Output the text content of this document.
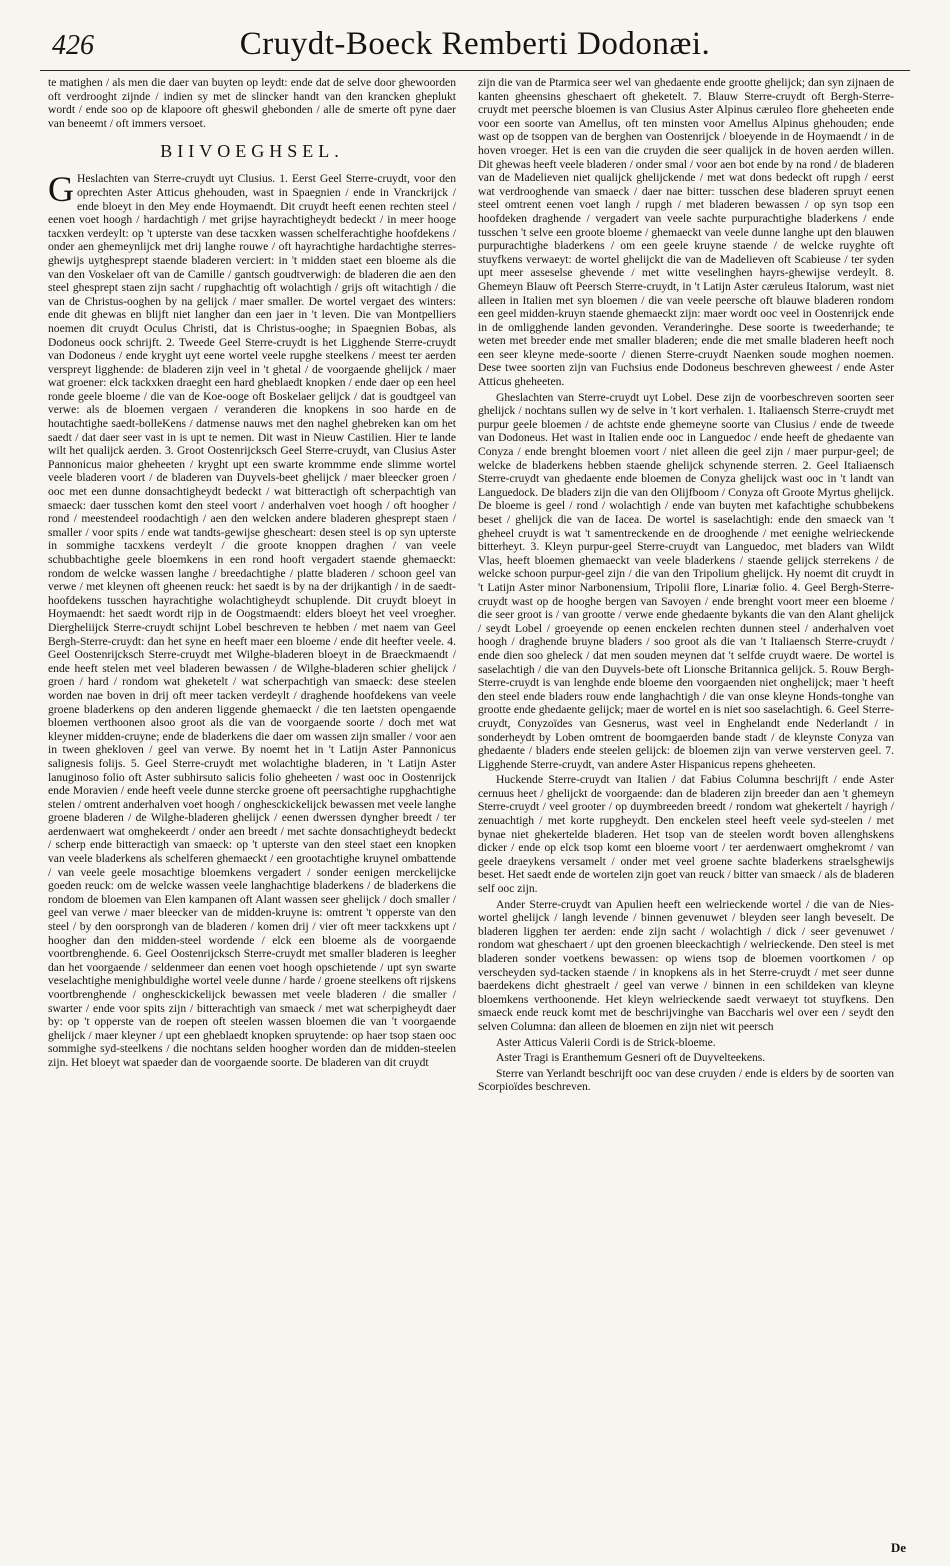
426	Cruydt-Boeck Remberti Dodonæi.

te matighen / als men die daer van buyten op leydt: ende dat de selve door ghewoorden oft verdrooght zijnde / indien sy met de slincker handt van den krancken gheplukt wordt / ende soo op de klapoore oft gheswil ghebonden / alle de smerte oft pyne daer van beneemt / oft immers versoet.

BIIVOEGHSEL.

G Heslachten van Sterre-cruydt uyt Clusius. 1. Eerst Geel Sterre-cruydt, voor den oprechten Aster Atticus ghehouden, wast in Spaegnien / ende in Vranckrijck / ende bloeyt in den Mey ende Hoymaendt. Dit cruydt heeft eenen rechten steel / eenen voet hoogh / hardachtigh / met grijse hayrachtigheydt bedeckt / in meer hooge tacxken verdeylt: op 't upterste van dese tacxken wassen schelferachtighe hoofdekens / onder aen ghemeynlijck met drij langhe rouwe / oft hayrachtighe hardachtighe sterres-ghewijs uytghesprept staende bladeren verciert: in 't midden staet een bloeme als die van den Voskelaer oft van de Camille / gantsch goudtverwigh: de bladeren die aen den steel ghesprept staen zijn sacht / rupghachtig oft wolachtigh / grijs oft witachtigh / die van de Christus-ooghen by na gelijck / maer smaller. De wortel vergaet des winters: ende dit ghewas en blijft niet langher dan een jaer in 't leven. Die van Montpelliers noemen dit cruydt Oculus Christi, dat is Christus-ooghe; in Spaegnien Bobas, als Dodoneus oock schrijft. 2. Tweede Geel Sterre-cruydt is het Ligghende Sterre-cruydt van Dodoneus / ende kryght uyt eene wortel veele rupghe steelkens / meest ter aerden verspreyt ligghende: de bladeren zijn veel in 't ghetal / de voorgaende ghelijck / maer wat groener: elck tackxken draeght een hard gheblaedt knopken / ende daer op een heel ronde geele bloeme / die van de Koe-ooge oft Boskelaer gelijck / dat is goudtgeel van verwe: als de bloemen vergaen / veranderen die knopkens in soo harde en de houtachtighe saedt-bolleKens / datmense nauws met den naghel ghebreken kan om het saedt / dat daer seer vast in is upt te nemen. Dit wast in Nieuw Castilien. Hier te lande wilt het qualijck aerden. 3. Groot Oostenrijcksch Geel Sterre-cruydt, van Clusius Aster Pannonicus maior gheheeten / kryght upt een swarte krommme ende slimme wortel veele bladeren voort / de bladeren van Duyvels-beet ghelijck / maer bleecker groen / ooc met een dunne donsachtigheydt bedeckt / wat bitteractigh oft scherpachtigh van smaeck: daer tusschen komt den steel voort / anderhalven voet hoogh / oft hoogher / rond / meestendeel roodachtigh / aen den welcken andere bladeren ghesprept staen / smaller / voor spits / ende wat tandts-gewijse ghescheart: desen steel is op syn upterste in sommighe tacxkens verdeylt / die groote knoppen draghen / van veele schubbachtighe geele bloemkens in een rond hooft vergadert staende ghemaeckt: rondom de welcke wassen langhe / breedachtighe / platte bladeren / schoon geel van verwe / met kleynen oft gheenen reuck: het saedt is by na der drijkantigh / in de saedt-hoofdekens tusschen hayrachtighe wolachtigheydt schuplende. Dit cruydt bloeyt in Hoymaendt: het saedt wordt rijp in de Oogstmaendt: elders bloeyt het veel vroegher. Diergheliijck Sterre-cruydt schijnt Lobel beschreven te hebben / met naem van Geel Bergh-Sterre-cruydt: dan het syne en heeft maer een bloeme / ende dit heefter veele. 4. Geel Oostenrijcksch Sterre-cruydt met Wilghe-bladeren bloeyt in de Braeckmaendt / ende heeft stelen met veel bladeren bewassen / de Wilghe-bladeren schier ghelijck / groen / hard / rondom wat gheketelt / wat scherpachtigh van smaeck: dese steelen worden nae boven in drij oft meer tacken verdeylt / draghende hoofdekens van veele groene bladerkens op den anderen liggende ghemaeckt / die ten laetsten opengaende bloemen verthoonen alsoo groot als die van de voorgaende soorte / doch met wat kleyner midden-cruyne; ende de bladerkens die daer om wassen zijn smaller / voor aen in tween ghekloven / geel van verwe. By noemt het in 't Latijn Aster Pannonicus salignesis folijs. 5. Geel Sterre-cruydt met wolachtighe bladeren, in 't Latijn Aster lanuginoso folio oft Aster subhirsuto salicis folio gheheeten / wast ooc in Oostenrijck ende Moravien / ende heeft veele dunne stercke groene oft peersachtighe rupghachtighe stelen / omtrent anderhalven voet hoogh / onghesckickelijck bewassen met veele langhe groene bladeren / de Wilghe-bladeren ghelijck / eenen dwerssen dyngher breedt / ter aerdenwaert wat omghekeerdt / onder aen breedt / met sachte donsachtigheydt bedeckt / scherp ende bitteractigh van smaeck: op 't upterste van den steel staet een knopken van veele bladerkens als schelferen ghemaeckt / een grootachtighe kruynel ombattende / van veele geele mosachtige bloemkens vergadert / sonder eenigen merckelijcke goeden reuck: om de welcke wassen veele langhachtige bladerkens / de bladerkens die rondom de bloemen van Elen kampanen oft Alant wassen seer ghelijck / doch smaller / geel van verwe / maer bleecker van de midden-kruyne is: omtrent 't opperste van den steel / by den oorsprongh van de bladeren / komen drij / vier oft meer tackxkens upt / hoogher dan den midden-steel wordende / elck een bloeme als de voorgaende voortbrenghende. 6. Geel Oostenrijcksch Sterre-cruydt met smaller bladeren is leegher dan het voorgaende / seldenmeer dan eenen voet hoogh opschietende / upt syn swarte veselachtighe menighbuldighe wortel veele dunne / harde / groene steelkens oft rijskens voortbrenghende / onghesckickelijck bewassen met veele bladeren / die smaller / swarter / ende voor spits zijn / bitterachtigh van smaeck / met wat scherpigheydt daer by: op 't opperste van de roepen oft steelen wassen bloemen die van 't voorgaende ghelijck / maer kleyner / upt een gheblaedt knopken spruytende: op haer tsop staen ooc sommighe syd-steelkens / die nochtans selden hoogher worden dan de midden-steelen zijn. Het bloeyt wat spaeder dan de voorgaende soorte. De bladeren van dit cruydt

zijn die van de Ptarmica seer wel van ghedaente ende grootte ghelijck; dan syn zijnaen de kanten gheensins gheschaert oft gheketelt. 7. Blauw Sterre-cruydt oft Bergh-Sterre-cruydt met peersche bloemen is van Clusius Aster Alpinus cæruleo flore gheheeten ende voor een soorte van Amellus, oft ten minsten voor Amellus Alpinus ghehouden; ende wast op de tsoppen van de berghen van Oostenrijck / bloeyende in de Hoymaendt / in de hoven vroeger. Het is een van die cruyden die seer qualijck in de hoven aerden willen. Dit ghewas heeft veele bladeren / onder smal / voor aen bot ende by na rond / de bladeren van de Madelieven niet qualijck ghelijckende / met wat dons bedeckt oft rupgh / eerst wat verdrooghende van smaeck / daer nae bitter: tusschen dese bladeren spruyt eenen steel omtrent eenen voet langh / rupgh / met bladeren bewassen / op syn tsop een hoofdeken draghende / vergadert van veele sachte purpurachtighe bladerkens / ende tusschen 't selve een groote bloeme / ghemaeckt van veele dunne langhe upt den blauwen purpurachtighe bladerkens / om een geele kruyne staende / de welcke ruyghte oft stuyfkens verwaeyt: de wortel ghelijckt die van de Madelieven oft Scabieuse / ter syden upt meer asseselse ghevende / met witte veselinghen hayrs-ghewijse verdeylt. 8. Ghemeyn Blauw oft Peersch Sterre-cruydt, in 't Latijn Aster cæruleus Italorum, wast niet alleen in Italien met syn bloemen / die van veele peersche oft blauwe bladeren rondom een geel midden-kruyn staende ghemaeckt zijn: maer wordt ooc veel in Oostenrijck ende in de omligghende landen gevonden. Veranderinghe. Dese soorte is tweederhande; te weten met breeder ende met smaller bladeren; ende die met smalle bladeren heeft noch een seer kleyne mede-soorte / dienen Sterre-cruydt Naenken soude moghen noemen. Dese twee soorten zijn van Fuchsius ende Dodoneus beschreven gheweest / ende Aster Atticus gheheeten.

Gheslachten van Sterre-cruydt uyt Lobel. Dese zijn de voorbeschreven soorten seer ghelijck / nochtans sullen wy de selve in 't kort verhalen. 1. Italiaensch Sterre-cruydt met purpur geele bloemen / de achtste ende ghemeyne soorte van Clusius / ende de tweede van Dodoneus. Het wast in Italien ende ooc in Languedoc / ende heeft de ghedaente van Conyza / ende brenght bloemen voort / niet alleen die geel zijn / maer purpur-geel; de welcke de bladerkens hebben staende ghelijck schynende sterren. 2. Geel Italiaensch Sterre-cruydt van ghedaente ende bloemen de Conyza ghelijck wast ooc in 't landt van Languedock. De bladers zijn die van den Olijfboom / Conyza oft Groote Myrtus ghelijck. De bloeme is geel / rond / wolachtigh / ende van buyten met kafachtighe schubbekens beset / ghelijck die van de Iacea. De wortel is saselachtigh: ende den smaeck van 't gheheel cruydt is wat 't samentreckende en de drooghende / met eenighe welrieckende bitterheyt. 3. Kleyn purpur-geel Sterre-cruydt van Languedoc, met bladers van Wildt Vlas, heeft bloemen ghemaeckt van veele bladerkens / staende gelijck sterrekens / de welcke schoon purpur-geel zijn / die van den Tripolium ghelijck. Hy noemt dit cruydt in 't Latijn Aster minor Narbonensium, Tripolii flore, Linariæ folio. 4. Geel Bergh-Sterre-cruydt wast op de hooghe bergen van Savoyen / ende brenght voort meer een bloeme / die seer groot is / van grootte / verwe ende ghedaente bykants die van den Alant ghelijck / seydt Lobel / groeyende op eenen enckelen rechten dunnen steel / anderhalven voet hoogh / draghende bruyne bladers / soo groot als die van 't Italiaensch Sterre-cruydt / ende dien soo gheleck / dat men souden meynen dat 't selfde cruydt waere. De wortel is saselachtigh / die van den Duyvels-bete oft Lionsche Britannica gelijck. 5. Rouw Bergh-Sterre-cruydt is van lenghde ende bloeme den voorgaenden niet onghelijck; maer 't heeft den steel ende bladers rouw ende langhachtigh / die van onse kleyne Honds-tonghe van grootte ende ghedaente gelijck; maer de wortel en is niet soo saselachtigh. 6. Geel Sterre-cruydt, Conyzoïdes van Gesnerus, wast veel in Enghelandt ende Nederlandt / in sonderheydt by Loben omtrent de boomgaerden bande stadt / de kleynste Conyza van ghedaente / bladers ende steelen gelijck: de bloemen zijn van verwe versterven geel. 7. Ligghende Sterre-cruydt, van andere Aster Hispanicus repens gheheeten.

Huckende Sterre-cruydt van Italien / dat Fabius Columna beschrijft / ende Aster cernuus heet / ghelijckt de voorgaende: dan de bladeren zijn breeder dan aen 't ghemeyn Sterre-cruydt / veel grooter / op duymbreeden breedt / rondom wat ghekertelt / hayrigh / zenuachtigh / met korte rupgheydt. Den enckelen steel heeft veele syd-steelen / met bynae niet ghekertelde bladeren. Het tsop van de steelen wordt boven allenghskens dicker / ende op elck tsop komt een bloeme voort / ter aerdenwaert omghekromt / van geele draeykens versamelt / onder met veel groene sachte bladerkens straelsghewijs beset. Het saedt ende de wortelen zijn goet van reuck / bitter van smaeck / als de bladeren self ooc zijn.

Ander Sterre-cruydt van Apulien heeft een welrieckende wortel / die van de Nies-wortel ghelijck / langh levende / binnen gevenuwet / bleyden seer langh beveselt. De bladeren ligghen ter aerden: ende zijn sacht / wolachtigh / dick / seer gevenuwet / rondom wat gheschaert / upt den groenen bleeckachtigh / welrieckende. Den steel is met bladeren sonder voetkens bewassen: op wiens tsop de bloemen voortkomen / op verscheyden syd-tacken staende / in knopkens als in het Sterre-cruydt / met seer dunne baerdekens dicht ghestraelt / geel van verwe / binnen in een schildeken van kleyne bloemkens verthoonende. Het kleyn welrieckende saedt verwaeyt tot stuyfkens. Den smaeck ende reuck komt met de beschrijvinghe van Baccharis wel over een / seydt den selven Columna: dan alleen de bloemen en zijn niet wit peersch

Aster Atticus Valerii Cordi is de Strick-bloeme.

Aster Tragi is Eranthemum Gesneri oft de Duyvelteekens.

Sterre van Yerlandt beschrijft ooc van dese cruyden / ende is elders by de soorten van Scorpioïdes beschreven.

De
